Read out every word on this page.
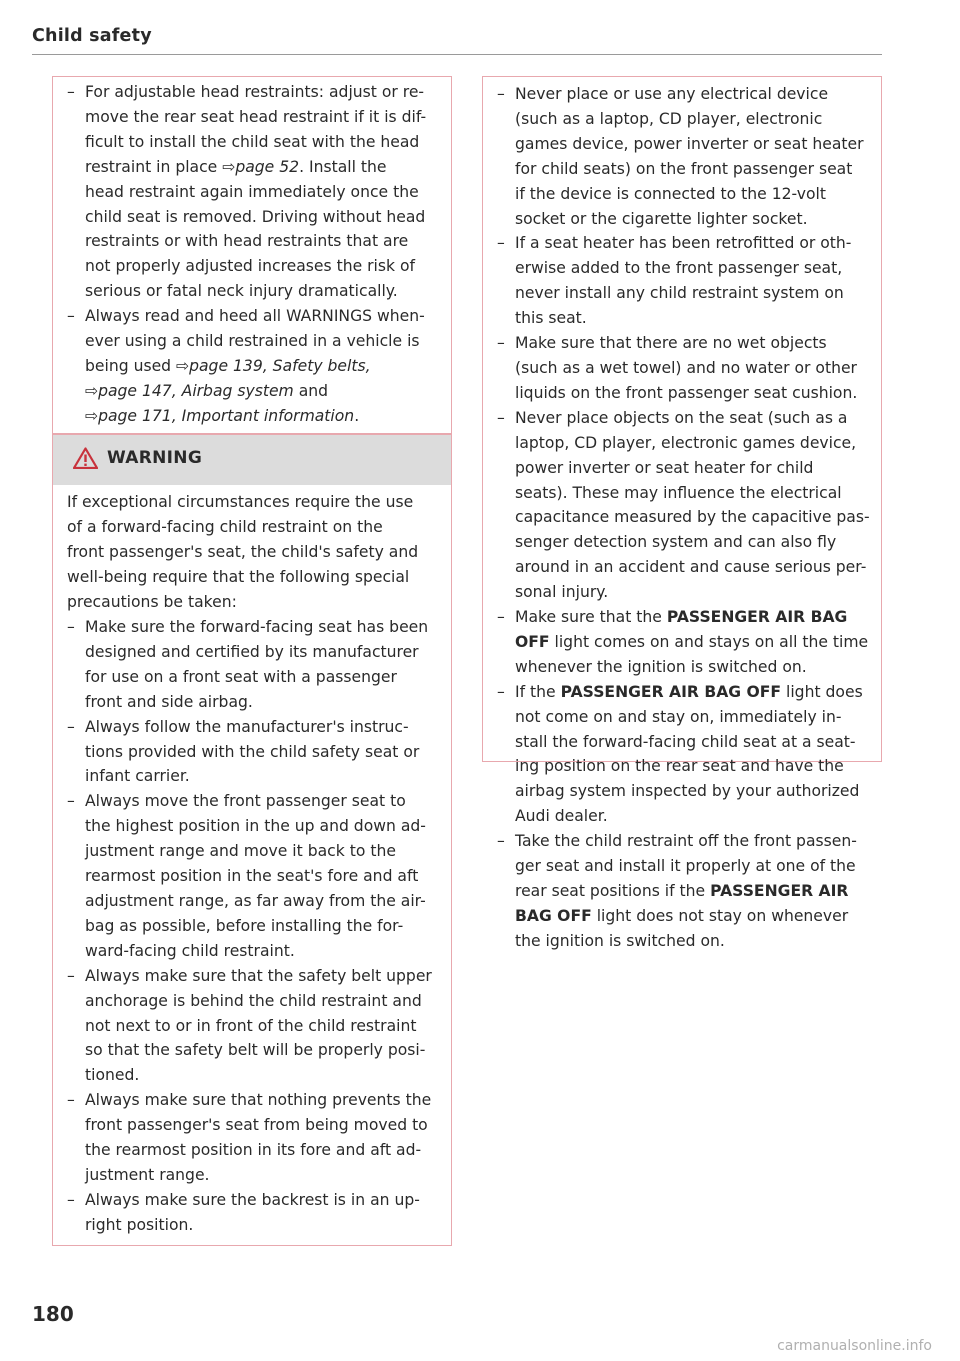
Child safety
– For adjustable head restraints: adjust or re-
move the rear seat head restraint if it is dif-
ficult to install the child seat with the head
restraint in place ⇨page 52. Install the
head restraint again immediately once the
child seat is removed. Driving without head
restraints or with head restraints that are
not properly adjusted increases the risk of
serious or fatal neck injury dramatically.
– Always read and heed all WARNINGS when-
ever using a child restrained in a vehicle is
being used ⇨page 139, Safety belts,
⇨page 147, Airbag system and
⇨page 171, Important information.
WARNING
If exceptional circumstances require the use
of a forward-facing child restraint on the
front passenger's seat, the child's safety and
well-being require that the following special
precautions be taken:
– Make sure the forward-facing seat has been
designed and certified by its manufacturer
for use on a front seat with a passenger
front and side airbag.
– Always follow the manufacturer's instruc-
tions provided with the child safety seat or
infant carrier.
– Always move the front passenger seat to
the highest position in the up and down ad-
justment range and move it back to the
rearmost position in the seat's fore and aft
adjustment range, as far away from the air-
bag as possible, before installing the for-
ward-facing child restraint.
– Always make sure that the safety belt upper
anchorage is behind the child restraint and
not next to or in front of the child restraint
so that the safety belt will be properly posi-
tioned.
– Always make sure that nothing prevents the
front passenger's seat from being moved to
the rearmost position in its fore and aft ad-
justment range.
– Always make sure the backrest is in an up-
right position.
– Never place or use any electrical device
(such as a laptop, CD player, electronic
games device, power inverter or seat heater
for child seats) on the front passenger seat
if the device is connected to the 12-volt
socket or the cigarette lighter socket.
– If a seat heater has been retrofitted or oth-
erwise added to the front passenger seat,
never install any child restraint system on
this seat.
– Make sure that there are no wet objects
(such as a wet towel) and no water or other
liquids on the front passenger seat cushion.
– Never place objects on the seat (such as a
laptop, CD player, electronic games device,
power inverter or seat heater for child
seats). These may influence the electrical
capacitance measured by the capacitive pas-
senger detection system and can also fly
around in an accident and cause serious per-
sonal injury.
– Make sure that the PASSENGER AIR BAG
OFF light comes on and stays on all the time
whenever the ignition is switched on.
– If the PASSENGER AIR BAG OFF light does
not come on and stay on, immediately in-
stall the forward-facing child seat at a seat-
ing position on the rear seat and have the
airbag system inspected by your authorized
Audi dealer.
– Take the child restraint off the front passen-
ger seat and install it properly at one of the
rear seat positions if the PASSENGER AIR
BAG OFF light does not stay on whenever
the ignition is switched on.
180
carmanualsonline.info
